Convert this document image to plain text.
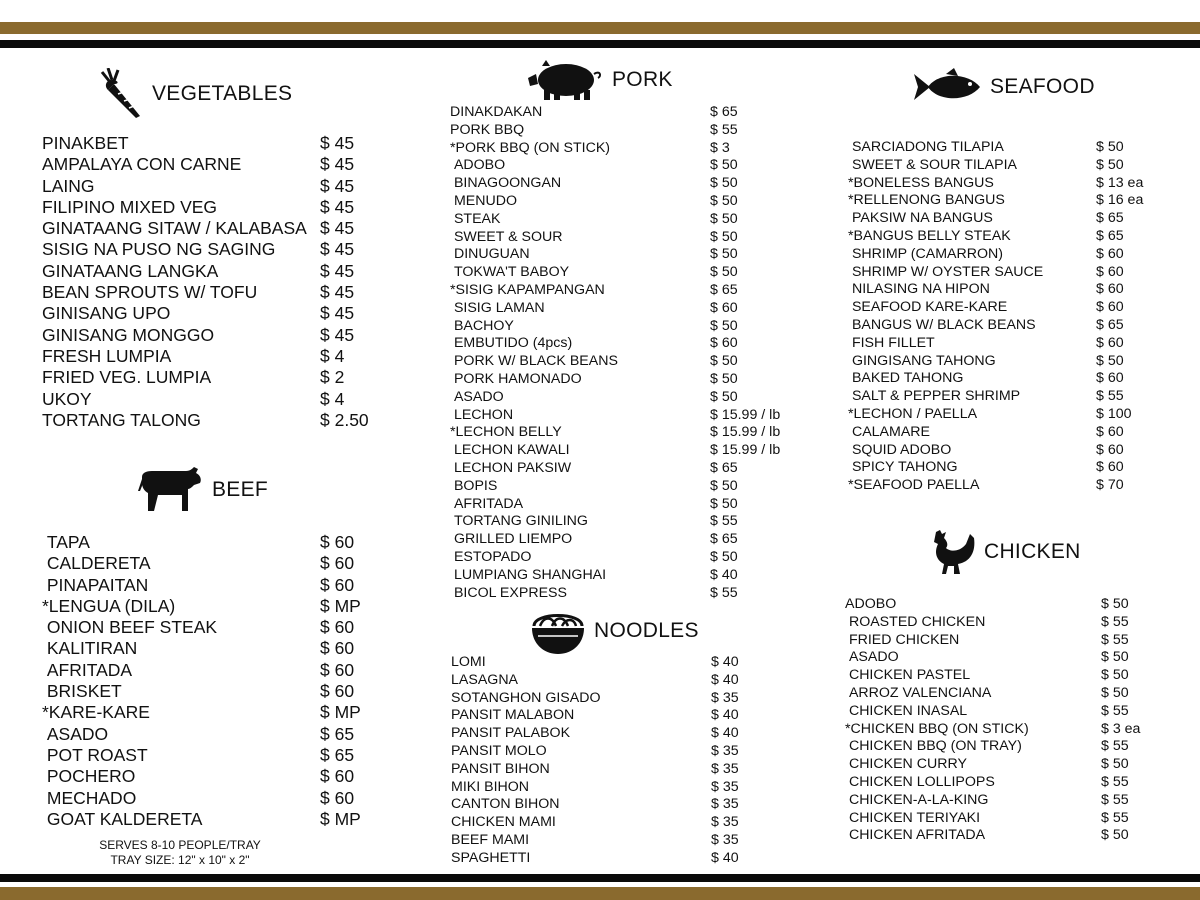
VEGETABLES
PINAKBET	$ 45
AMPALAYA CON CARNE	$ 45
LAING	$ 45
FILIPINO MIXED VEG	$ 45
GINATAANG SITAW / KALABASA $ 45
SISIG NA PUSO NG SAGING	$ 45
GINATAANG LANGKA	$ 45
BEAN SPROUTS W/ TOFU	$ 45
GINISANG UPO	$ 45
GINISANG MONGGO	$ 45
FRESH LUMPIA	$ 4
FRIED VEG. LUMPIA	$ 2
UKOY	$ 4
TORTANG TALONG	$ 2.50
BEEF
TAPA	$ 60
CALDERETA	$ 60
PINAPAITAN	$ 60
*LENGUA (DILA)	$ MP
ONION BEEF STEAK	$ 60
KALITIRAN	$ 60
AFRITADA	$ 60
BRISKET	$ 60
*KARE-KARE	$ MP
ASADO	$ 65
POT ROAST	$ 65
POCHERO	$ 60
MECHADO	$ 60
GOAT KALDERETA	$ MP
SERVES 8-10 PEOPLE/TRAY
TRAY SIZE: 12" x 10" x 2"
PORK
DINAKDAKAN	$ 65
PORK BBQ	$ 55
*PORK BBQ (ON STICK)	$ 3
ADOBO	$ 50
BINAGOONGAN	$ 50
MENUDO	$ 50
STEAK	$ 50
SWEET & SOUR	$ 50
DINUGUAN	$ 50
TOKWA'T BABOY	$ 50
*SISIG KAPAMPANGAN	$ 65
SISIG LAMAN	$ 60
BACHOY	$ 50
EMBUTIDO (4pcs)	$ 60
PORK W/ BLACK BEANS	$ 50
PORK HAMONADO	$ 50
ASADO	$ 50
LECHON	$ 15.99 / lb
*LECHON BELLY	$ 15.99 / lb
LECHON KAWALI	$ 15.99 / lb
LECHON PAKSIW	$ 65
BOPIS	$ 50
AFRITADA	$ 50
TORTANG GINILING	$ 55
GRILLED LIEMPO	$ 65
ESTOPADO	$ 50
LUMPIANG SHANGHAI	$ 40
BICOL EXPRESS	$ 55
NOODLES
LOMI	$ 40
LASAGNA	$ 40
SOTANGHON GISADO	$ 35
PANSIT MALABON	$ 40
PANSIT PALABOK	$ 40
PANSIT MOLO	$ 35
PANSIT BIHON	$ 35
MIKI BIHON	$ 35
CANTON BIHON	$ 35
CHICKEN MAMI	$ 35
BEEF MAMI	$ 35
SPAGHETTI	$ 40
SEAFOOD
SARCIADONG TILAPIA	$ 50
SWEET & SOUR TILAPIA	$ 50
*BONELESS BANGUS	$ 13 ea
*RELLENONG BANGUS	$ 16 ea
PAKSIW NA BANGUS	$ 65
*BANGUS BELLY STEAK	$ 65
SHRIMP (CAMARRON)	$ 60
SHRIMP W/ OYSTER SAUCE	$ 60
NILASING NA HIPON	$ 60
SEAFOOD KARE-KARE	$ 60
BANGUS W/ BLACK BEANS	$ 65
FISH FILLET	$ 60
GINGISANG TAHONG	$ 50
BAKED TAHONG	$ 60
SALT & PEPPER SHRIMP	$ 55
*LECHON / PAELLA	$ 100
CALAMARE	$ 60
SQUID ADOBO	$ 60
SPICY TAHONG	$ 60
*SEAFOOD PAELLA	$ 70
CHICKEN
ADOBO	$ 50
ROASTED CHICKEN	$ 55
FRIED CHICKEN	$ 55
ASADO	$ 50
CHICKEN PASTEL	$ 50
ARROZ VALENCIANA	$ 50
CHICKEN INASAL	$ 55
*CHICKEN BBQ (ON STICK)	$ 3 ea
CHICKEN BBQ (ON TRAY)	$ 55
CHICKEN CURRY	$ 50
CHICKEN LOLLIPOPS	$ 55
CHICKEN-A-LA-KING	$ 55
CHICKEN TERIYAKI	$ 55
CHICKEN AFRITADA	$ 50
